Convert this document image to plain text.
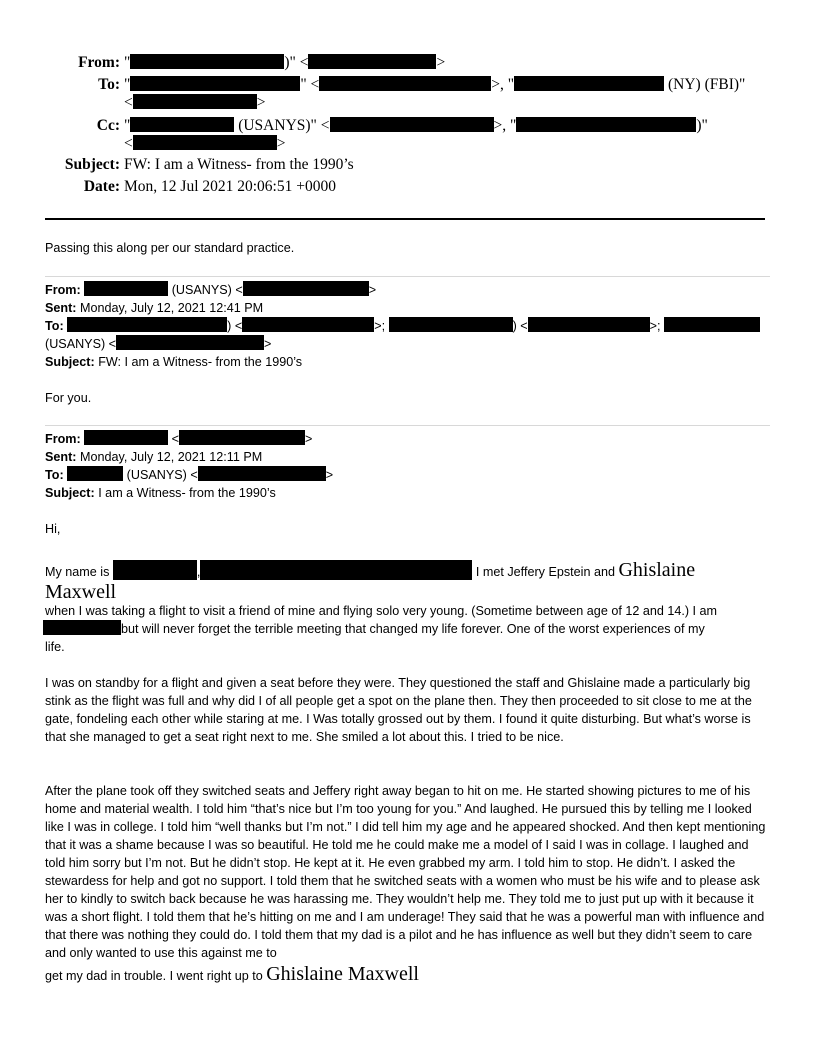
From: "	)" <	>
To: "	" <	>, "	(NY) (FBI)"
<	>
Cc: "	(USANYS)" <	>, "	)"
<	>
Subject: FW: I am a Witness- from the 1990’s
Date: Mon, 12 Jul 2021 20:06:51 +0000
Passing this along per our standard practice.
From:	(USANYS) <	>
Sent: Monday, July 12, 2021 12:41 PM
To:	) <	>;	) <	>;
(USANYS) <	>
Subject: FW: I am a Witness- from the 1990’s
For you.
From:	<	>
Sent: Monday, July 12, 2021 12:11 PM
To:	(USANYS) <	>
Subject: I am a Witness- from the 1990’s
Hi,
My name is	,	I met Jeffery Epstein and Ghislaine
Maxwell
when I was taking a flight to visit a friend of mine and flying solo very young. (Sometime between age of 12 and 14.) I am
but will never forget the terrible meeting that changed my life forever. One of the worst experiences of my
life.
I was on standby for a flight and given a seat before they were. They questioned the staff and Ghislaine made a particularly big stink as the flight was full and why did I of all people get a spot on the plane then. They then proceeded to sit close to me at the gate, fondeling each other while staring at me. I Was totally grossed out by them. I found it quite disturbing. But what’s worse is that she managed to get a seat right next to me. She smiled a lot about this. I tried to be nice.
After the plane took off they switched seats and Jeffery right away began to hit on me. He started showing pictures to me of his home and material wealth. I told him “that’s nice but I’m too young for you.” And laughed. He pursued this by telling me I looked like I was in college. I told him “well thanks but I’m not.” I did tell him my age and he appeared shocked. And then kept mentioning that it was a shame because I was so beautiful. He told me he could make me a model of I said I was in collage. I laughed and told him sorry but I’m not. But he didn’t stop. He kept at it. He even grabbed my arm. I told him to stop. He didn’t. I asked the stewardess for help and got no support. I told them that he switched seats with a women who must be his wife and to please ask her to kindly to switch back because he was harassing me. They wouldn’t help me. They told me to just put up with it because it was a short flight. I told them that he’s hitting on me and I am underage! They said that he was a powerful man with influence and that there was nothing they could do. I told them that my dad is a pilot and he has influence as well but they didn’t seem to care and only wanted to use this against me to
get my dad in trouble. I went right up to Ghislaine Maxwell
